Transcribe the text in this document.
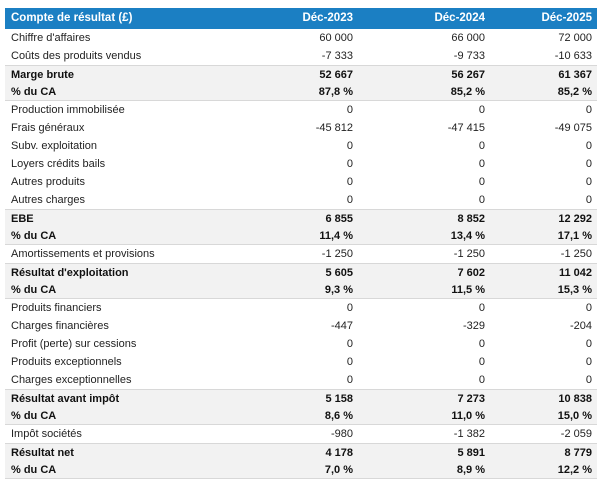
Compte de résultat (£)	Déc-2023	Déc-2024	Déc-2025
Chiffre d'affaires	60 000	66 000	72 000
Coûts des produits vendus	-7 333	-9 733	-10 633
Marge brute	52 667	56 267	61 367
% du CA	87,8 %	85,2 %	85,2 %
Production immobilisée	0	0	0
Frais généraux	-45 812	-47 415	-49 075
Subv. exploitation	0	0	0
Loyers crédits bails	0	0	0
Autres produits	0	0	0
Autres charges	0	0	0
EBE	6 855	8 852	12 292
% du CA	11,4 %	13,4 %	17,1 %
Amortissements et provisions	-1 250	-1 250	-1 250
Résultat d'exploitation	5 605	7 602	11 042
% du CA	9,3 %	11,5 %	15,3 %
Produits financiers	0	0	0
Charges financières	-447	-329	-204
Profit (perte) sur cessions	0	0	0
Produits exceptionnels	0	0	0
Charges exceptionnelles	0	0	0
Résultat avant impôt	5 158	7 273	10 838
% du CA	8,6 %	11,0 %	15,0 %
Impôt sociétés	-980	-1 382	-2 059
Résultat net	4 178	5 891	8 779
% du CA	7,0 %	8,9 %	12,2 %
